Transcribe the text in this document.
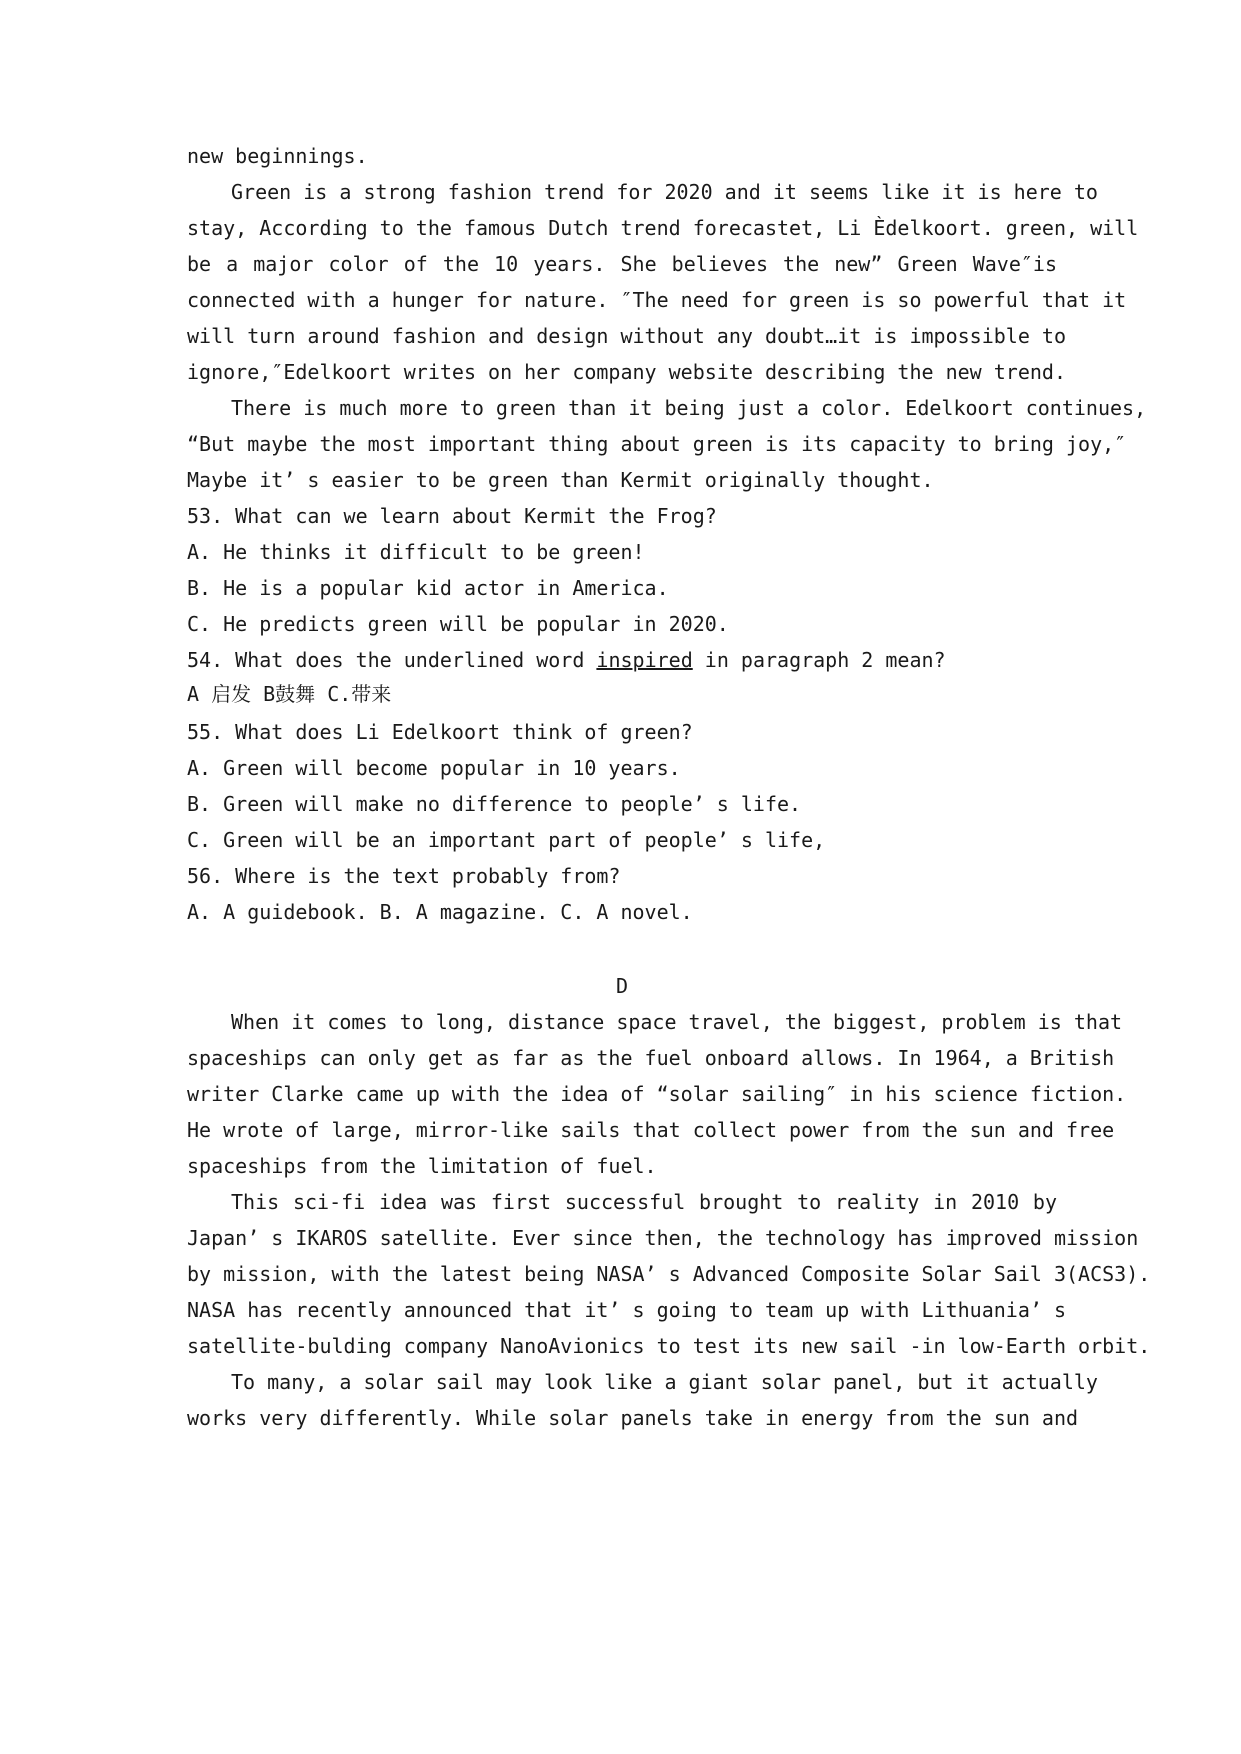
new beginnings.
Green is a strong fashion trend for 2020 and it seems like it is here to
stay, According to the famous Dutch trend forecastet, Li Èdelkoort. green, will
be a major color of the 10 years. She believes the new” Green Wave″is
connected with a hunger for nature. ″The need for green is so powerful that it
will turn around fashion and design without any doubt…it is impossible to
ignore,″Edelkoort writes on her company website describing the new trend.
There is much more to green than it being just a color. Edelkoort continues,
“But maybe the most important thing about green is its capacity to bring joy,″
Maybe it’ s easier to be green than Kermit originally thought.
53. What can we learn about Kermit the Frog?
A. He thinks it difficult to be green!
B. He is a popular kid actor in America.
C. He predicts green will be popular in 2020.
54. What does the underlined word inspired in paragraph 2 mean?
A 启发 B鼓舞 C.带来
55. What does Li Edelkoort think of green?
A. Green will become popular in 10 years.
B. Green will make no difference to people’ s life.
C. Green will be an important part of people’ s life,
56. Where is the text probably from?
A. A guidebook. B. A magazine. C. A novel.
D
When it comes to long, distance space travel, the biggest, problem is that
spaceships can only get as far as the fuel onboard allows. In 1964, a British
writer Clarke came up with the idea of “solar sailing″ in his science fiction.
He wrote of large, mirror-like sails that collect power from the sun and free
spaceships from the limitation of fuel.
This sci-fi idea was first successful brought to reality in 2010 by
Japan’ s IKAROS satellite. Ever since then, the technology has improved mission
by mission, with the latest being NASA’ s Advanced Composite Solar Sail 3(ACS3).
NASA has recently announced that it’ s going to team up with Lithuania’ s
satellite-bulding company NanoAvionics to test its new sail -in low-Earth orbit.
To many, a solar sail may look like a giant solar panel, but it actually
works very differently. While solar panels take in energy from the sun and
